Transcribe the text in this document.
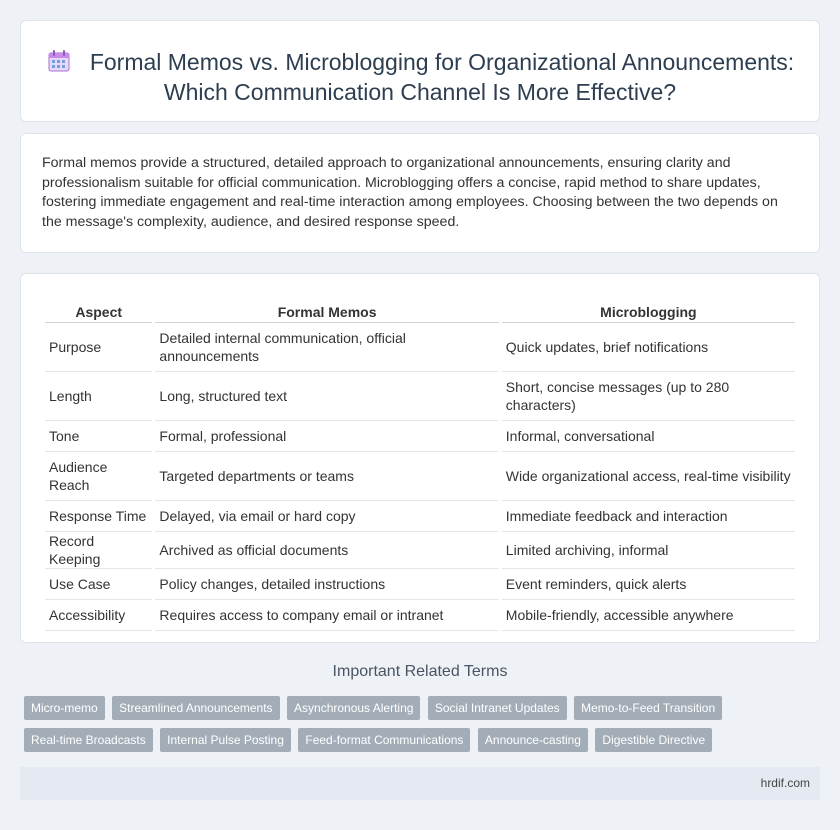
Formal Memos vs. Microblogging for Organizational Announcements: Which Communication Channel Is More Effective?

Formal memos provide a structured, detailed approach to organizational announcements, ensuring clarity and professionalism suitable for official communication. Microblogging offers a concise, rapid method to share updates, fostering immediate engagement and real-time interaction among employees. Choosing between the two depends on the message's complexity, audience, and desired response speed.

Aspect	Formal Memos	Microblogging
Purpose	Detailed internal communication, official announcements	Quick updates, brief notifications
Length	Long, structured text	Short, concise messages (up to 280 characters)
Tone	Formal, professional	Informal, conversational
Audience Reach	Targeted departments or teams	Wide organizational access, real-time visibility
Response Time	Delayed, via email or hard copy	Immediate feedback and interaction
Record Keeping	Archived as official documents	Limited archiving, informal
Use Case	Policy changes, detailed instructions	Event reminders, quick alerts
Accessibility	Requires access to company email or intranet	Mobile-friendly, accessible anywhere
Important Related Terms
Micro-memo Streamlined Announcements Asynchronous Alerting Social Intranet Updates Memo-to-Feed Transition
Real-time Broadcasts Internal Pulse Posting Feed-format Communications Announce-casting Digestible Directive
hrdif.com
